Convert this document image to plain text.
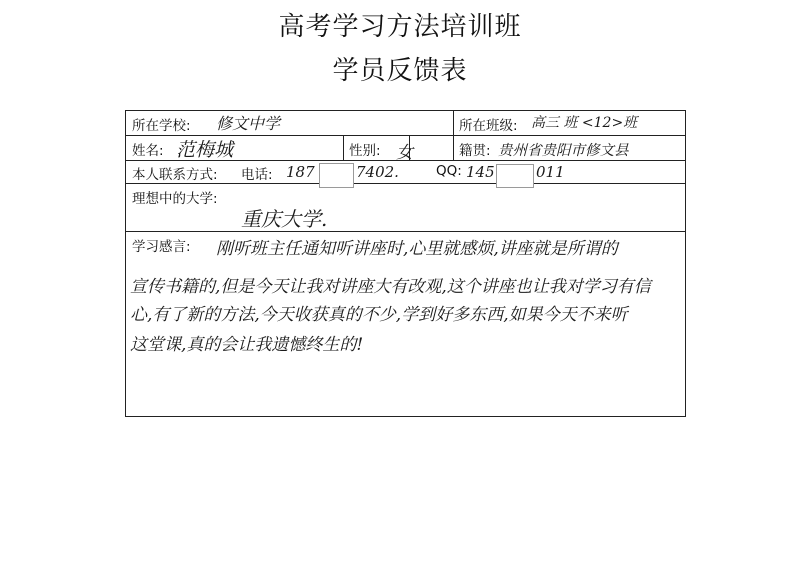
高考学习方法培训班
学员反馈表
所在学校: 修文中学	所在班级: 高三 班 <12>班
姓名: 范梅城	性别: 女	籍贯: 贵州省贵阳市修文县
本人联系方式: 电话: 187	7402.	QQ: 145	011
理想中的大学:
重庆大学.
学习感言: 刚听班主任通知听讲座时,心里就感烦,讲座就是所谓的
宣传书籍的,但是今天让我对讲座大有改观,这个讲座也让我对学习有信
心,有了新的方法,今天收获真的不少,学到好多东西,如果今天不来听
这堂课,真的会让我遗憾终生的!
